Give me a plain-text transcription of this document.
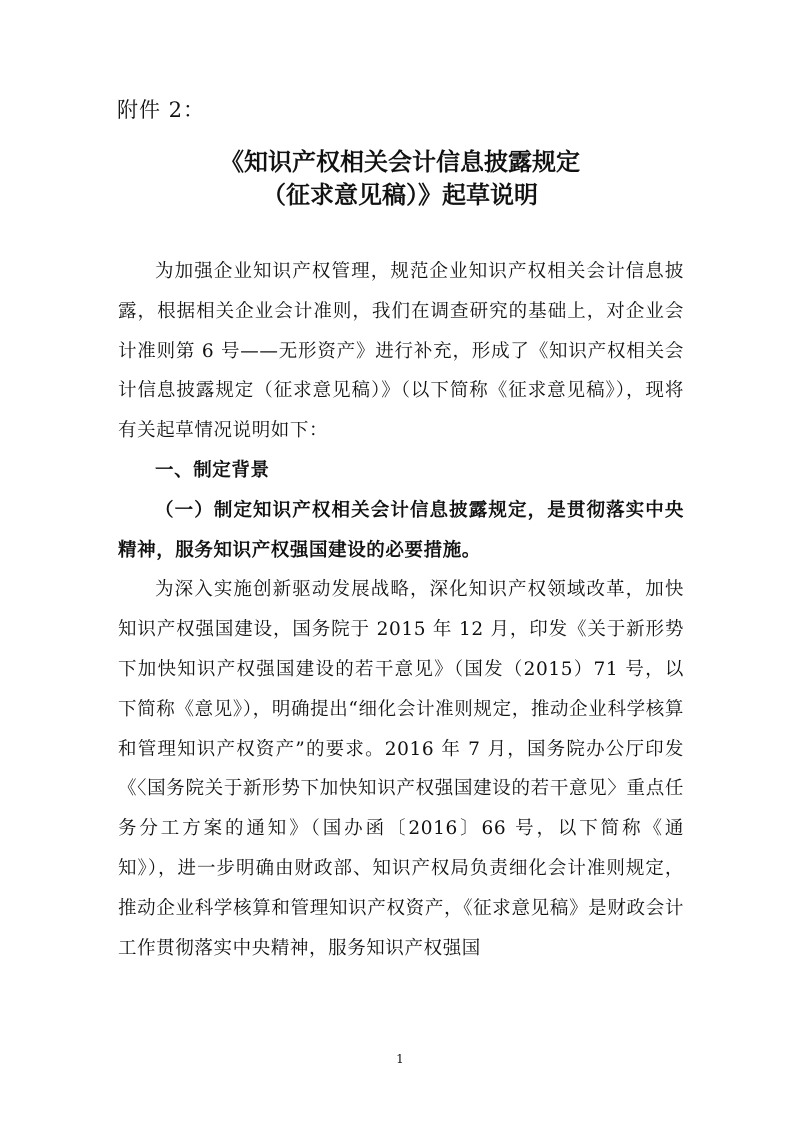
附件 2：
《知识产权相关会计信息披露规定
（征求意见稿）》起草说明

为加强企业知识产权管理，规范企业知识产权相关会计信息披露，根据相关企业会计准则，我们在调查研究的基础上，对企业会计准则第 6 号——无形资产》进行补充，形成了《知识产权相关会计信息披露规定（征求意见稿）》（以下简称《征求意见稿》），现将有关起草情况说明如下：

一、制定背景

（一）制定知识产权相关会计信息披露规定，是贯彻落实中央精神，服务知识产权强国建设的必要措施。

为深入实施创新驱动发展战略，深化知识产权领域改革，加快知识产权强国建设，国务院于 2015 年 12 月，印发《关于新形势下加快知识产权强国建设的若干意见》（国发（2015）71 号，以下简称《意见》），明确提出“细化会计准则规定，推动企业科学核算和管理知识产权资产”的要求。2016 年 7 月，国务院办公厅印发《〈国务院关于新形势下加快知识产权强国建设的若干意见〉重点任务分工方案的通知》（国办函〔2016〕66 号，以下简称《通知》），进一步明确由财政部、知识产权局负责细化会计准则规定，推动企业科学核算和管理知识产权资产，《征求意见稿》是财政会计工作贯彻落实中央精神，服务知识产权强国

1
